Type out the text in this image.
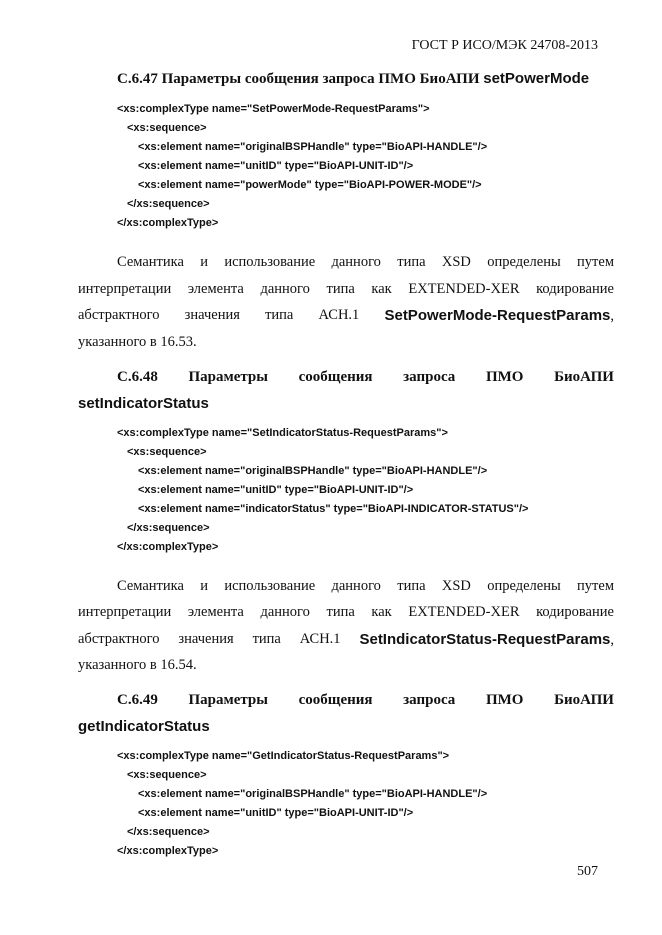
ГОСТ Р ИСО/МЭК 24708-2013
С.6.47 Параметры сообщения запроса ПМО БиоАПИ setPowerMode
<xs:complexType name="SetPowerMode-RequestParams">
<xs:sequence>
<xs:element name="originalBSPHandle" type="BioAPI-HANDLE"/>
<xs:element name="unitID" type="BioAPI-UNIT-ID"/>
<xs:element name="powerMode" type="BioAPI-POWER-MODE"/>
</xs:sequence>
</xs:complexType>
Семантика и использование данного типа XSD определены путем
интерпретации элемента данного типа как EXTENDED-XER кодирование
абстрактного значения типа АСН.1 SetPowerMode-RequestParams,
указанного в 16.53.
С.6.48 Параметры сообщения запроса ПМО БиоАПИ
setIndicatorStatus
<xs:complexType name="SetIndicatorStatus-RequestParams">
<xs:sequence>
<xs:element name="originalBSPHandle" type="BioAPI-HANDLE"/>
<xs:element name="unitID" type="BioAPI-UNIT-ID"/>
<xs:element name="indicatorStatus" type="BioAPI-INDICATOR-STATUS"/>
</xs:sequence>
</xs:complexType>
Семантика и использование данного типа XSD определены путем
интерпретации элемента данного типа как EXTENDED-XER кодирование
абстрактного значения типа АСН.1 SetIndicatorStatus-RequestParams,
указанного в 16.54.
С.6.49 Параметры сообщения запроса ПМО БиоАПИ
getIndicatorStatus
<xs:complexType name="GetIndicatorStatus-RequestParams">
<xs:sequence>
<xs:element name="originalBSPHandle" type="BioAPI-HANDLE"/>
<xs:element name="unitID" type="BioAPI-UNIT-ID"/>
</xs:sequence>
</xs:complexType>
507
